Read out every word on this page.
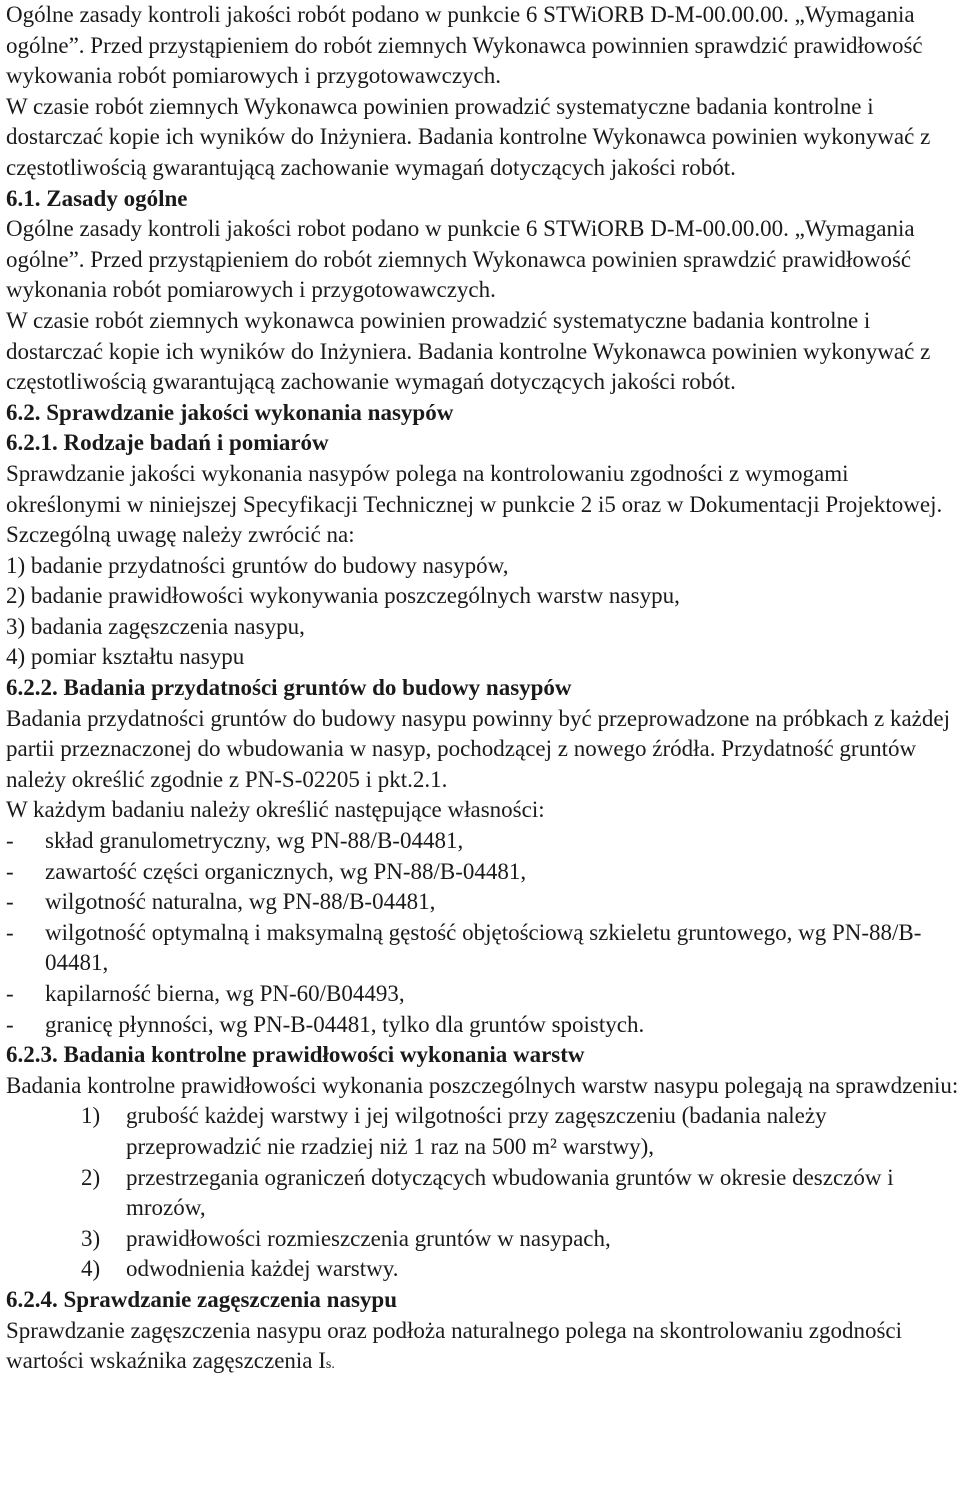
Ogólne zasady kontroli jakości robót podano w punkcie 6 STWiORB D-M-00.00.00. „Wymagania ogólne”. Przed przystąpieniem do robót ziemnych Wykonawca powinnien sprawdzić prawidłowość wykowania robót pomiarowych i przygotowawczych.

W czasie robót ziemnych Wykonawca powinien prowadzić systematyczne badania kontrolne i dostarczać kopie ich wyników do Inżyniera. Badania kontrolne Wykonawca powinien wykonywać z częstotliwością gwarantującą zachowanie wymagań dotyczących jakości robót.

6.1. Zasady ogólne

Ogólne zasady kontroli jakości robot podano w punkcie 6 STWiORB D-M-00.00.00. „Wymagania ogólne”. Przed przystąpieniem do robót ziemnych Wykonawca powinien sprawdzić prawidłowość wykonania robót pomiarowych i przygotowawczych.

W czasie robót ziemnych wykonawca powinien prowadzić systematyczne badania kontrolne i dostarczać kopie ich wyników do Inżyniera. Badania kontrolne Wykonawca powinien wykonywać z częstotliwością gwarantującą zachowanie wymagań dotyczących jakości robót.

6.2. Sprawdzanie jakości wykonania nasypów

6.2.1. Rodzaje badań i pomiarów

Sprawdzanie jakości wykonania nasypów polega na kontrolowaniu zgodności z wymogami określonymi w niniejszej Specyfikacji Technicznej w punkcie 2 i5 oraz w Dokumentacji Projektowej.

Szczególną uwagę należy zwrócić na:

1) badanie przydatności gruntów do budowy nasypów,
2) badanie prawidłowości wykonywania poszczególnych warstw nasypu,
3) badania zagęszczenia nasypu,
4) pomiar kształtu nasypu

6.2.2. Badania przydatności gruntów do budowy nasypów

Badania przydatności gruntów do budowy nasypu powinny być przeprowadzone na próbkach z każdej partii przeznaczonej do wbudowania w nasyp, pochodzącej z nowego źródła. Przydatność gruntów należy określić zgodnie z PN-S-02205 i pkt.2.1.

W każdym badaniu należy określić następujące własności:

- skład granulometryczny, wg PN-88/B-04481,
- zawartość części organicznych, wg PN-88/B-04481,
- wilgotność naturalna, wg PN-88/B-04481,
- wilgotność optymalną i maksymalną gęstość objętościową szkieletu gruntowego, wg PN-88/B-04481,
- kapilarność bierna, wg PN-60/B04493,
- granicę płynności, wg PN-B-04481, tylko dla gruntów spoistych.

6.2.3. Badania kontrolne prawidłowości wykonania warstw

Badania kontrolne prawidłowości wykonania poszczególnych warstw nasypu polegają na sprawdzeniu:

1) grubość każdej warstwy i jej wilgotności przy zagęszczeniu (badania należy przeprowadzić nie rzadziej niż 1 raz na 500 m² warstwy),
2) przestrzegania ograniczeń dotyczących wbudowania gruntów w okresie deszczów i mrozów,
3) prawidłowości rozmieszczenia gruntów w nasypach,
4) odwodnienia każdej warstwy.

6.2.4. Sprawdzanie zagęszczenia nasypu

Sprawdzanie zagęszczenia nasypu oraz podłoża naturalnego polega na skontrolowaniu zgodności wartości wskaźnika zagęszczenia Is.
